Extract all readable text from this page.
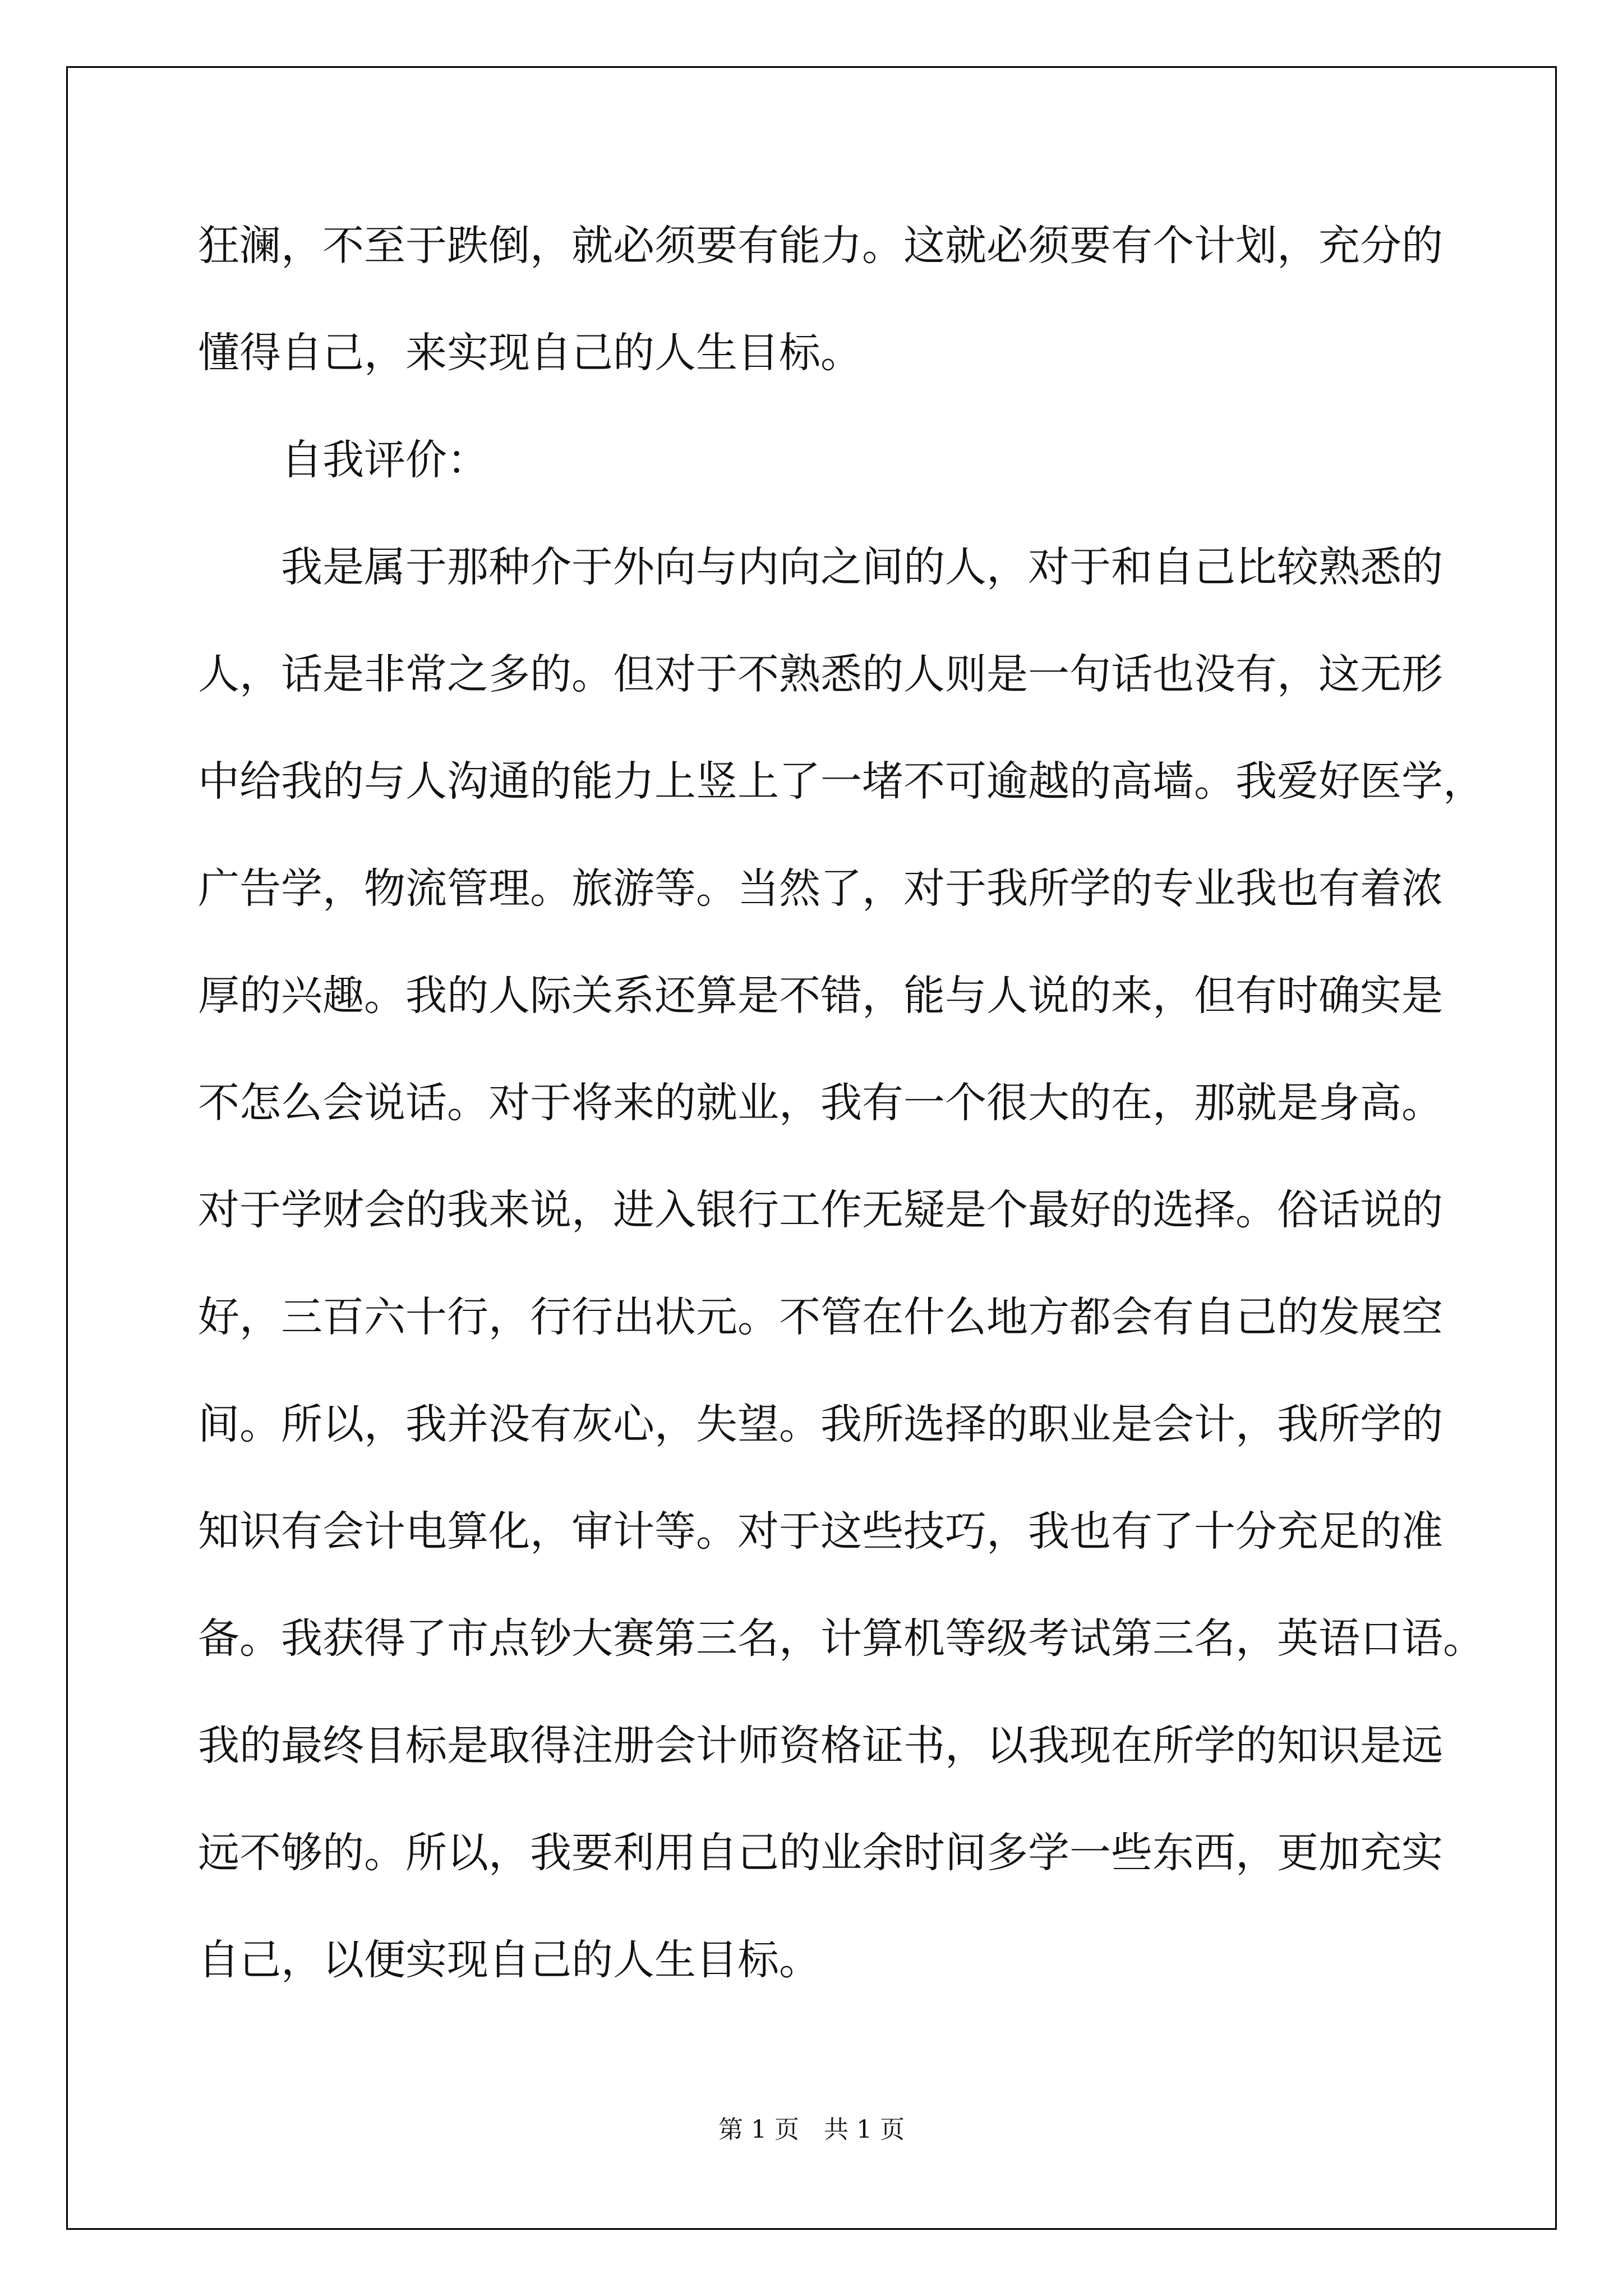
狂澜，不至于跌倒，就必须要有能力。这就必须要有个计划，充分的
懂得自己，来实现自己的人生目标。
自我评价：
我是属于那种介于外向与内向之间的人，对于和自己比较熟悉的
人，话是非常之多的。但对于不熟悉的人则是一句话也没有，这无形
中给我的与人沟通的能力上竖上了一堵不可逾越的高墙。我爱好医学，
广告学，物流管理。旅游等。当然了，对于我所学的专业我也有着浓
厚的兴趣。我的人际关系还算是不错，能与人说的来，但有时确实是
不怎么会说话。对于将来的就业，我有一个很大的在，那就是身高。
对于学财会的我来说，进入银行工作无疑是个最好的选择。俗话说的
好，三百六十行，行行出状元。不管在什么地方都会有自己的发展空
间。所以，我并没有灰心，失望。我所选择的职业是会计，我所学的
知识有会计电算化，审计等。对于这些技巧，我也有了十分充足的准
备。我获得了市点钞大赛第三名，计算机等级考试第三名，英语口语。
我的最终目标是取得注册会计师资格证书，以我现在所学的知识是远
远不够的。所以，我要利用自己的业余时间多学一些东西，更加充实
自己，以便实现自己的人生目标。
第 1 页　共 1 页
